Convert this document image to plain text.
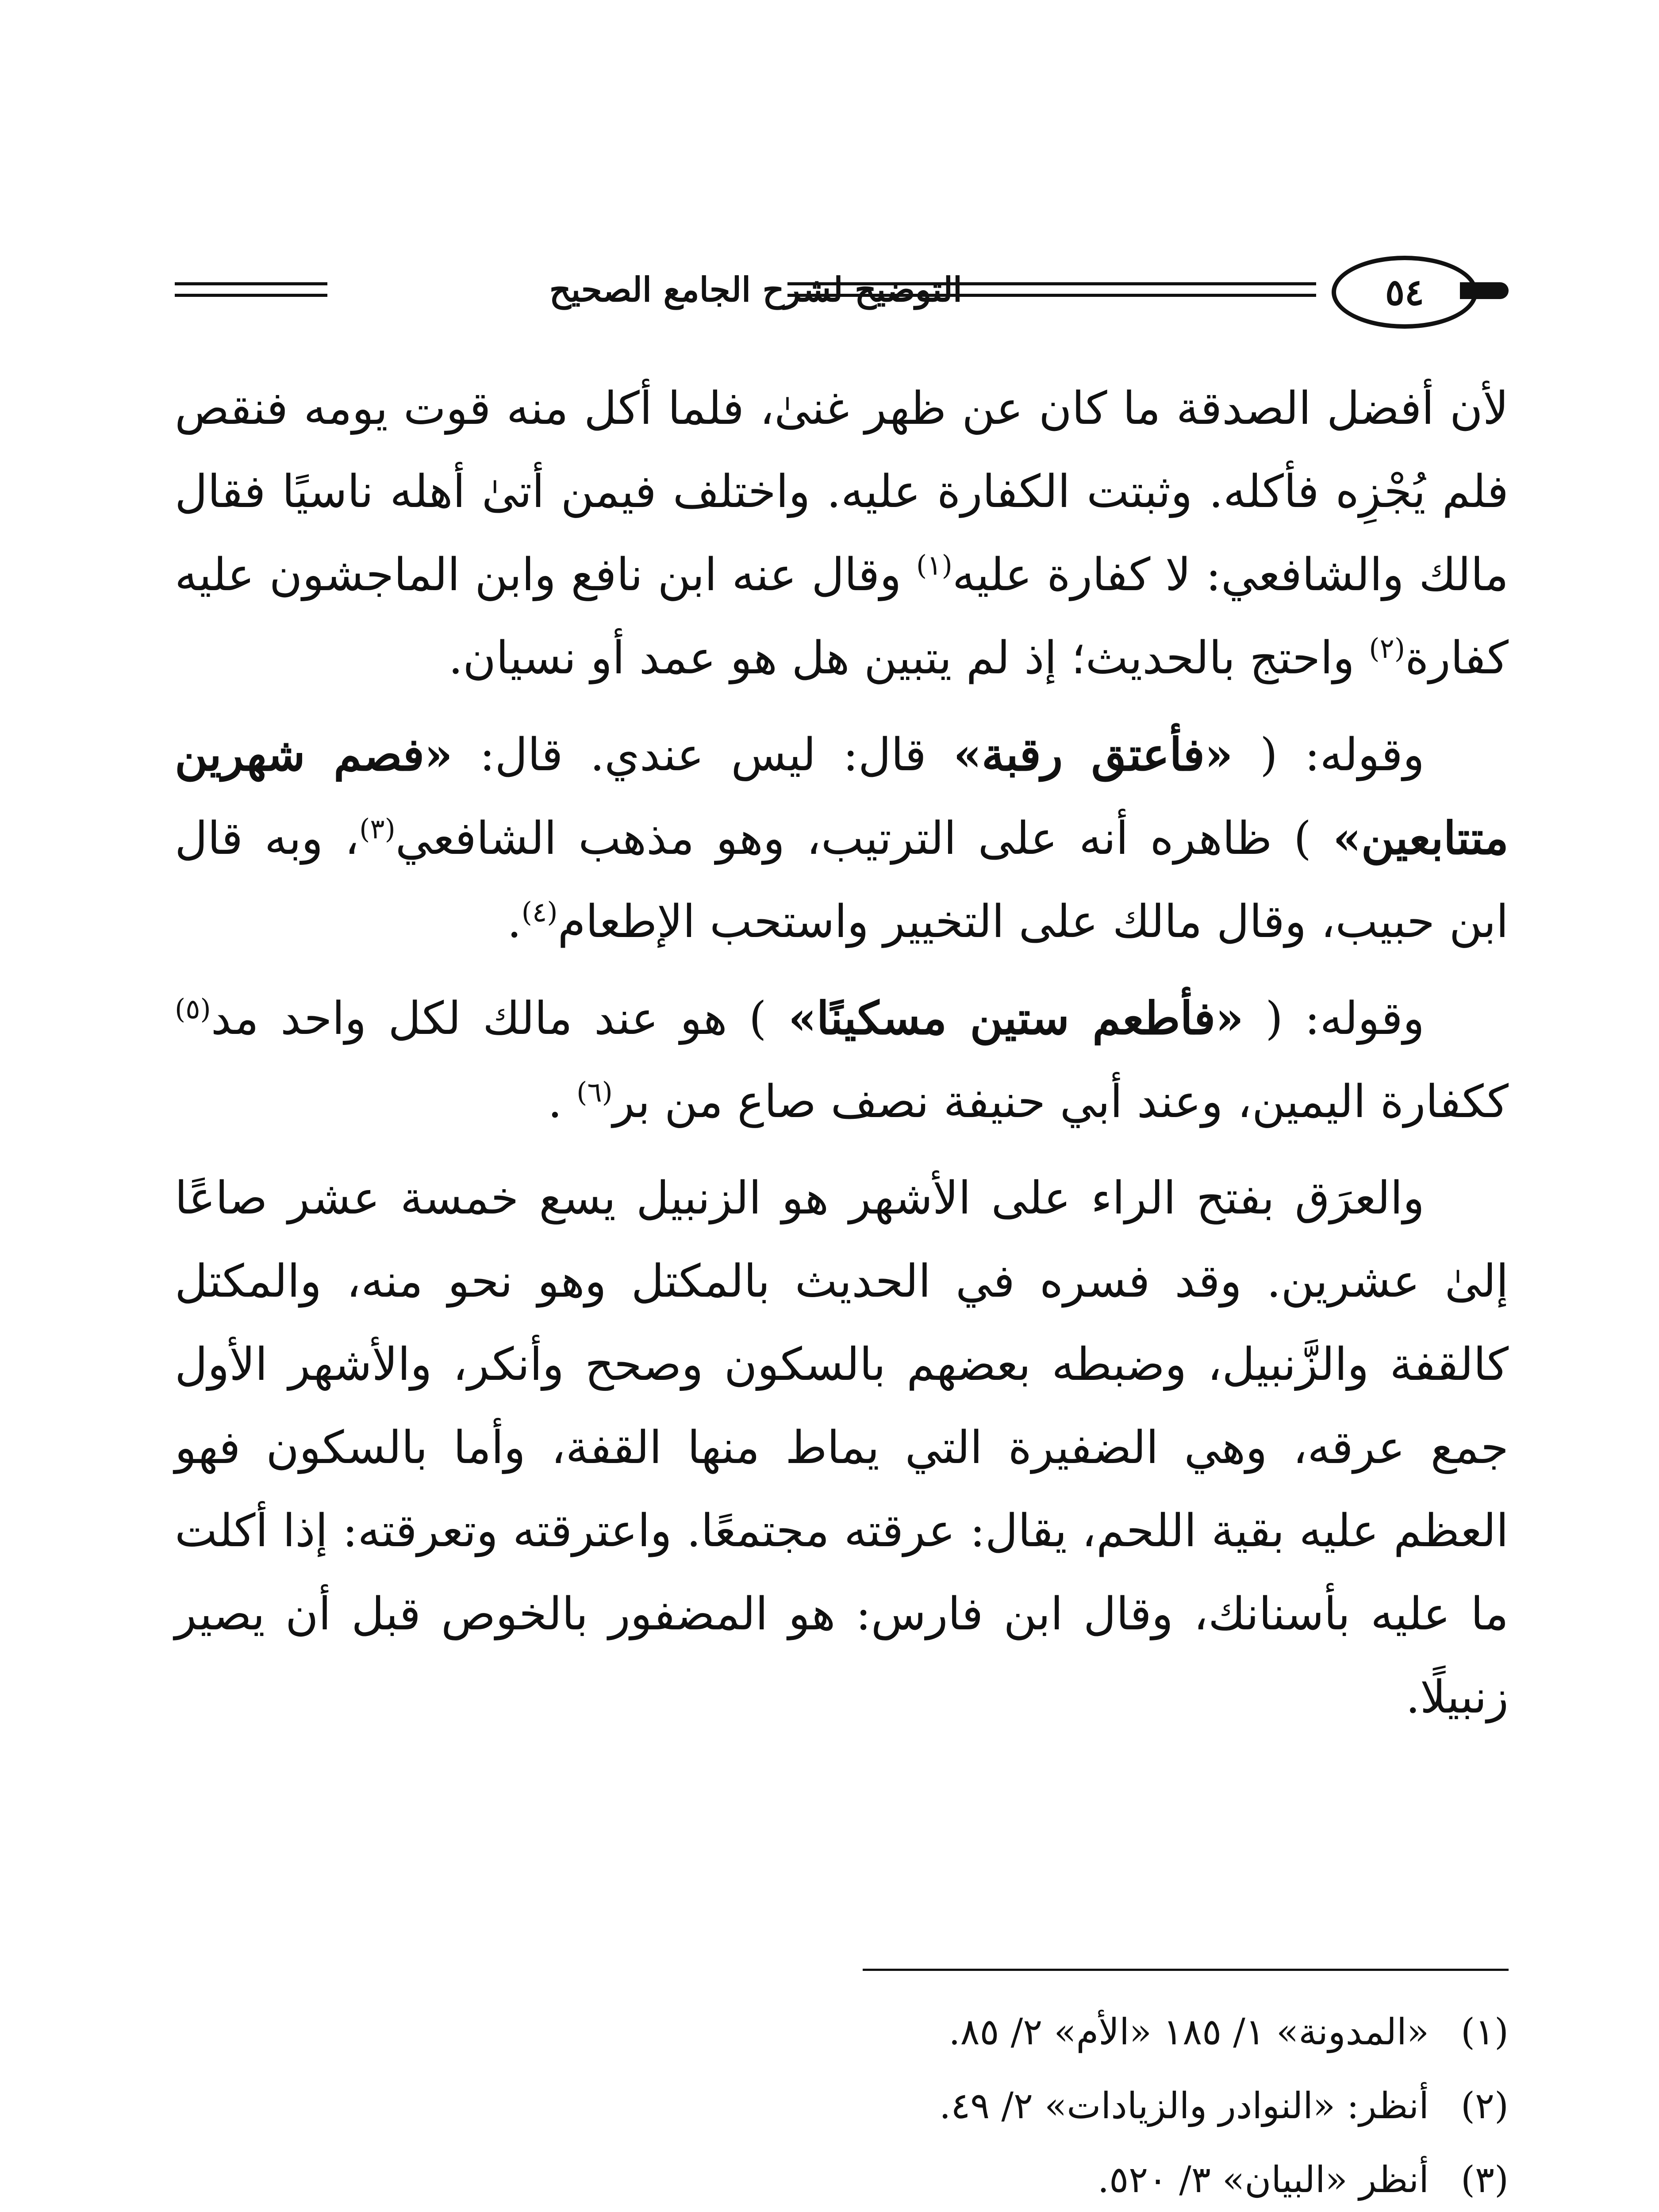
التوضيح لشرح الجامع الصحيح	٥٤

لأن أفضل الصدقة ما كان عن ظهر غنىٰ، فلما أكل منه قوت يومه فنقص فلم يُجْزِه فأكله. وثبتت الكفارة عليه. واختلف فيمن أتىٰ أهله ناسيًا فقال مالك والشافعي: لا كفارة عليه$^{(١)}$ وقال عنه ابن نافع وابن الماجشون عليه كفارة$^{(٢)}$ واحتج بالحديث؛ إذ لم يتبين هل هو عمد أو نسيان.

وقوله: ( «فأعتق رقبة» قال: ليس عندي. قال: «فصم شهرين متتابعين» ) ظاهره أنه على الترتيب، وهو مذهب الشافعي$^{(٣)}$، وبه قال ابن حبيب، وقال مالك على التخيير واستحب الإطعام$^{(٤)}$.

وقوله: ( «فأطعم ستين مسكينًا» ) هو عند مالك لكل واحد مد$^{(٥)}$ ككفارة اليمين، وعند أبي حنيفة نصف صاع من بر$^{(٦)}$ .

والعرَق بفتح الراء على الأشهر هو الزنبيل يسع خمسة عشر صاعًا إلىٰ عشرين. وقد فسره في الحديث بالمكتل وهو نحو منه، والمكتل كالقفة والزَّنبيل، وضبطه بعضهم بالسكون وصحح وأنكر، والأشهر الأول جمع عرقه، وهي الضفيرة التي يماط منها القفة، وأما بالسكون فهو العظم عليه بقية اللحم، يقال: عرقته مجتمعًا. واعترقته وتعرقته: إذا أكلت ما عليه بأسنانك، وقال ابن فارس: هو المضفور بالخوص قبل أن يصير زنبيلًا.

(١)
«المدونة» ١/ ١٨٥ «الأم» ٢/ ٨٥.
(٢)
أنظر: «النوادر والزيادات» ٢/ ٤٩.
(٣)
أنظر «البيان» ٣/ ٥٢٠.
